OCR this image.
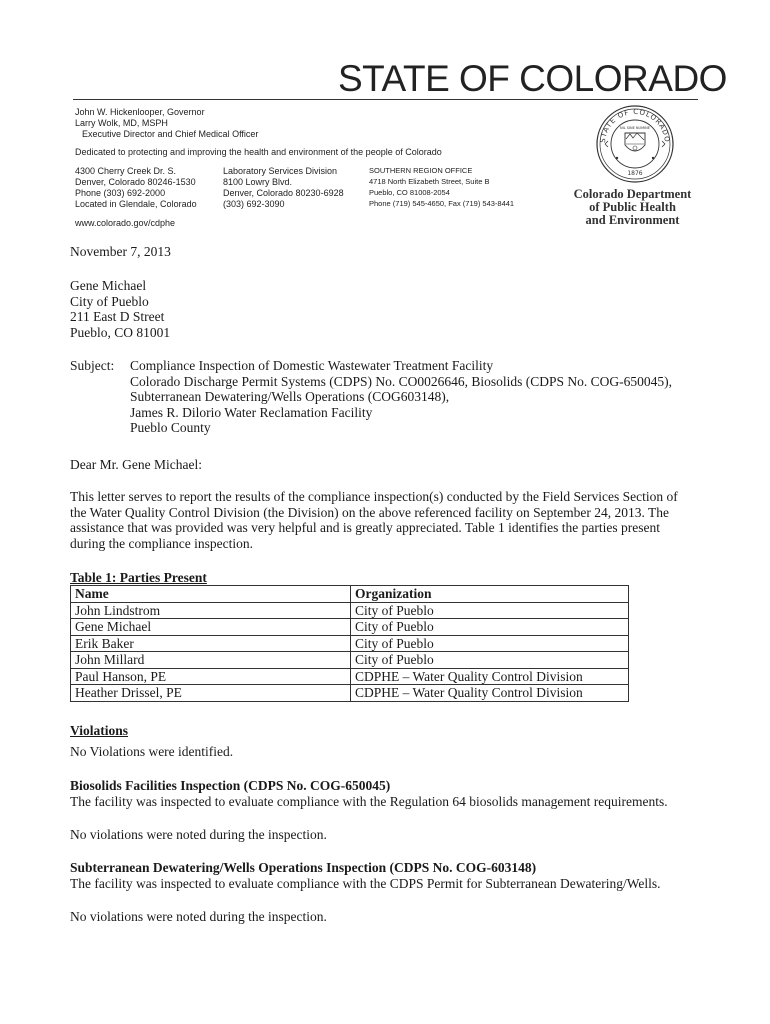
STATE OF COLORADO
John W. Hickenlooper, Governor
Larry Wolk, MD, MSPH
Executive Director and Chief Medical Officer
Dedicated to protecting and improving the health and environment of the people of Colorado
4300 Cherry Creek Dr. S.
Denver, Colorado 80246-1530
Phone (303) 692-2000
Located in Glendale, Colorado
Laboratory Services Division
8100 Lowry Blvd.
Denver, Colorado 80230-6928
(303) 692-3090
SOUTHERN REGION OFFICE
4718 North Elizabeth Street, Suite B
Pueblo, CO 81008-2054
Phone (719) 545-4650, Fax (719) 543-8441
www.colorado.gov/cdphe
STATE OF COLORADO
1876
NIL SINE NUMINE
Colorado Department
of Public Health
and Environment
November 7, 2013
Gene Michael
City of Pueblo
211 East D Street
Pueblo, CO 81001
Subject: Compliance Inspection of Domestic Wastewater Treatment Facility
Colorado Discharge Permit Systems (CDPS) No. CO0026646, Biosolids (CDPS No. COG-650045),
Subterranean Dewatering/Wells Operations (COG603148),
James R. Dilorio Water Reclamation Facility
Pueblo County
Dear Mr. Gene Michael:
This letter serves to report the results of the compliance inspection(s) conducted by the Field Services Section of
the Water Quality Control Division (the Division) on the above referenced facility on September 24, 2013. The
assistance that was provided was very helpful and is greatly appreciated. Table 1 identifies the parties present
during the compliance inspection.
Table 1: Parties Present
Name	Organization
John Lindstrom	City of Pueblo
Gene Michael	City of Pueblo
Erik Baker	City of Pueblo
John Millard	City of Pueblo
Paul Hanson, PE	CDPHE – Water Quality Control Division
Heather Drissel, PE	CDPHE – Water Quality Control Division
Violations
No Violations were identified.
Biosolids Facilities Inspection (CDPS No. COG-650045)
The facility was inspected to evaluate compliance with the Regulation 64 biosolids management requirements.
No violations were noted during the inspection.
Subterranean Dewatering/Wells Operations Inspection (CDPS No. COG-603148)
The facility was inspected to evaluate compliance with the CDPS Permit for Subterranean Dewatering/Wells.
No violations were noted during the inspection.
